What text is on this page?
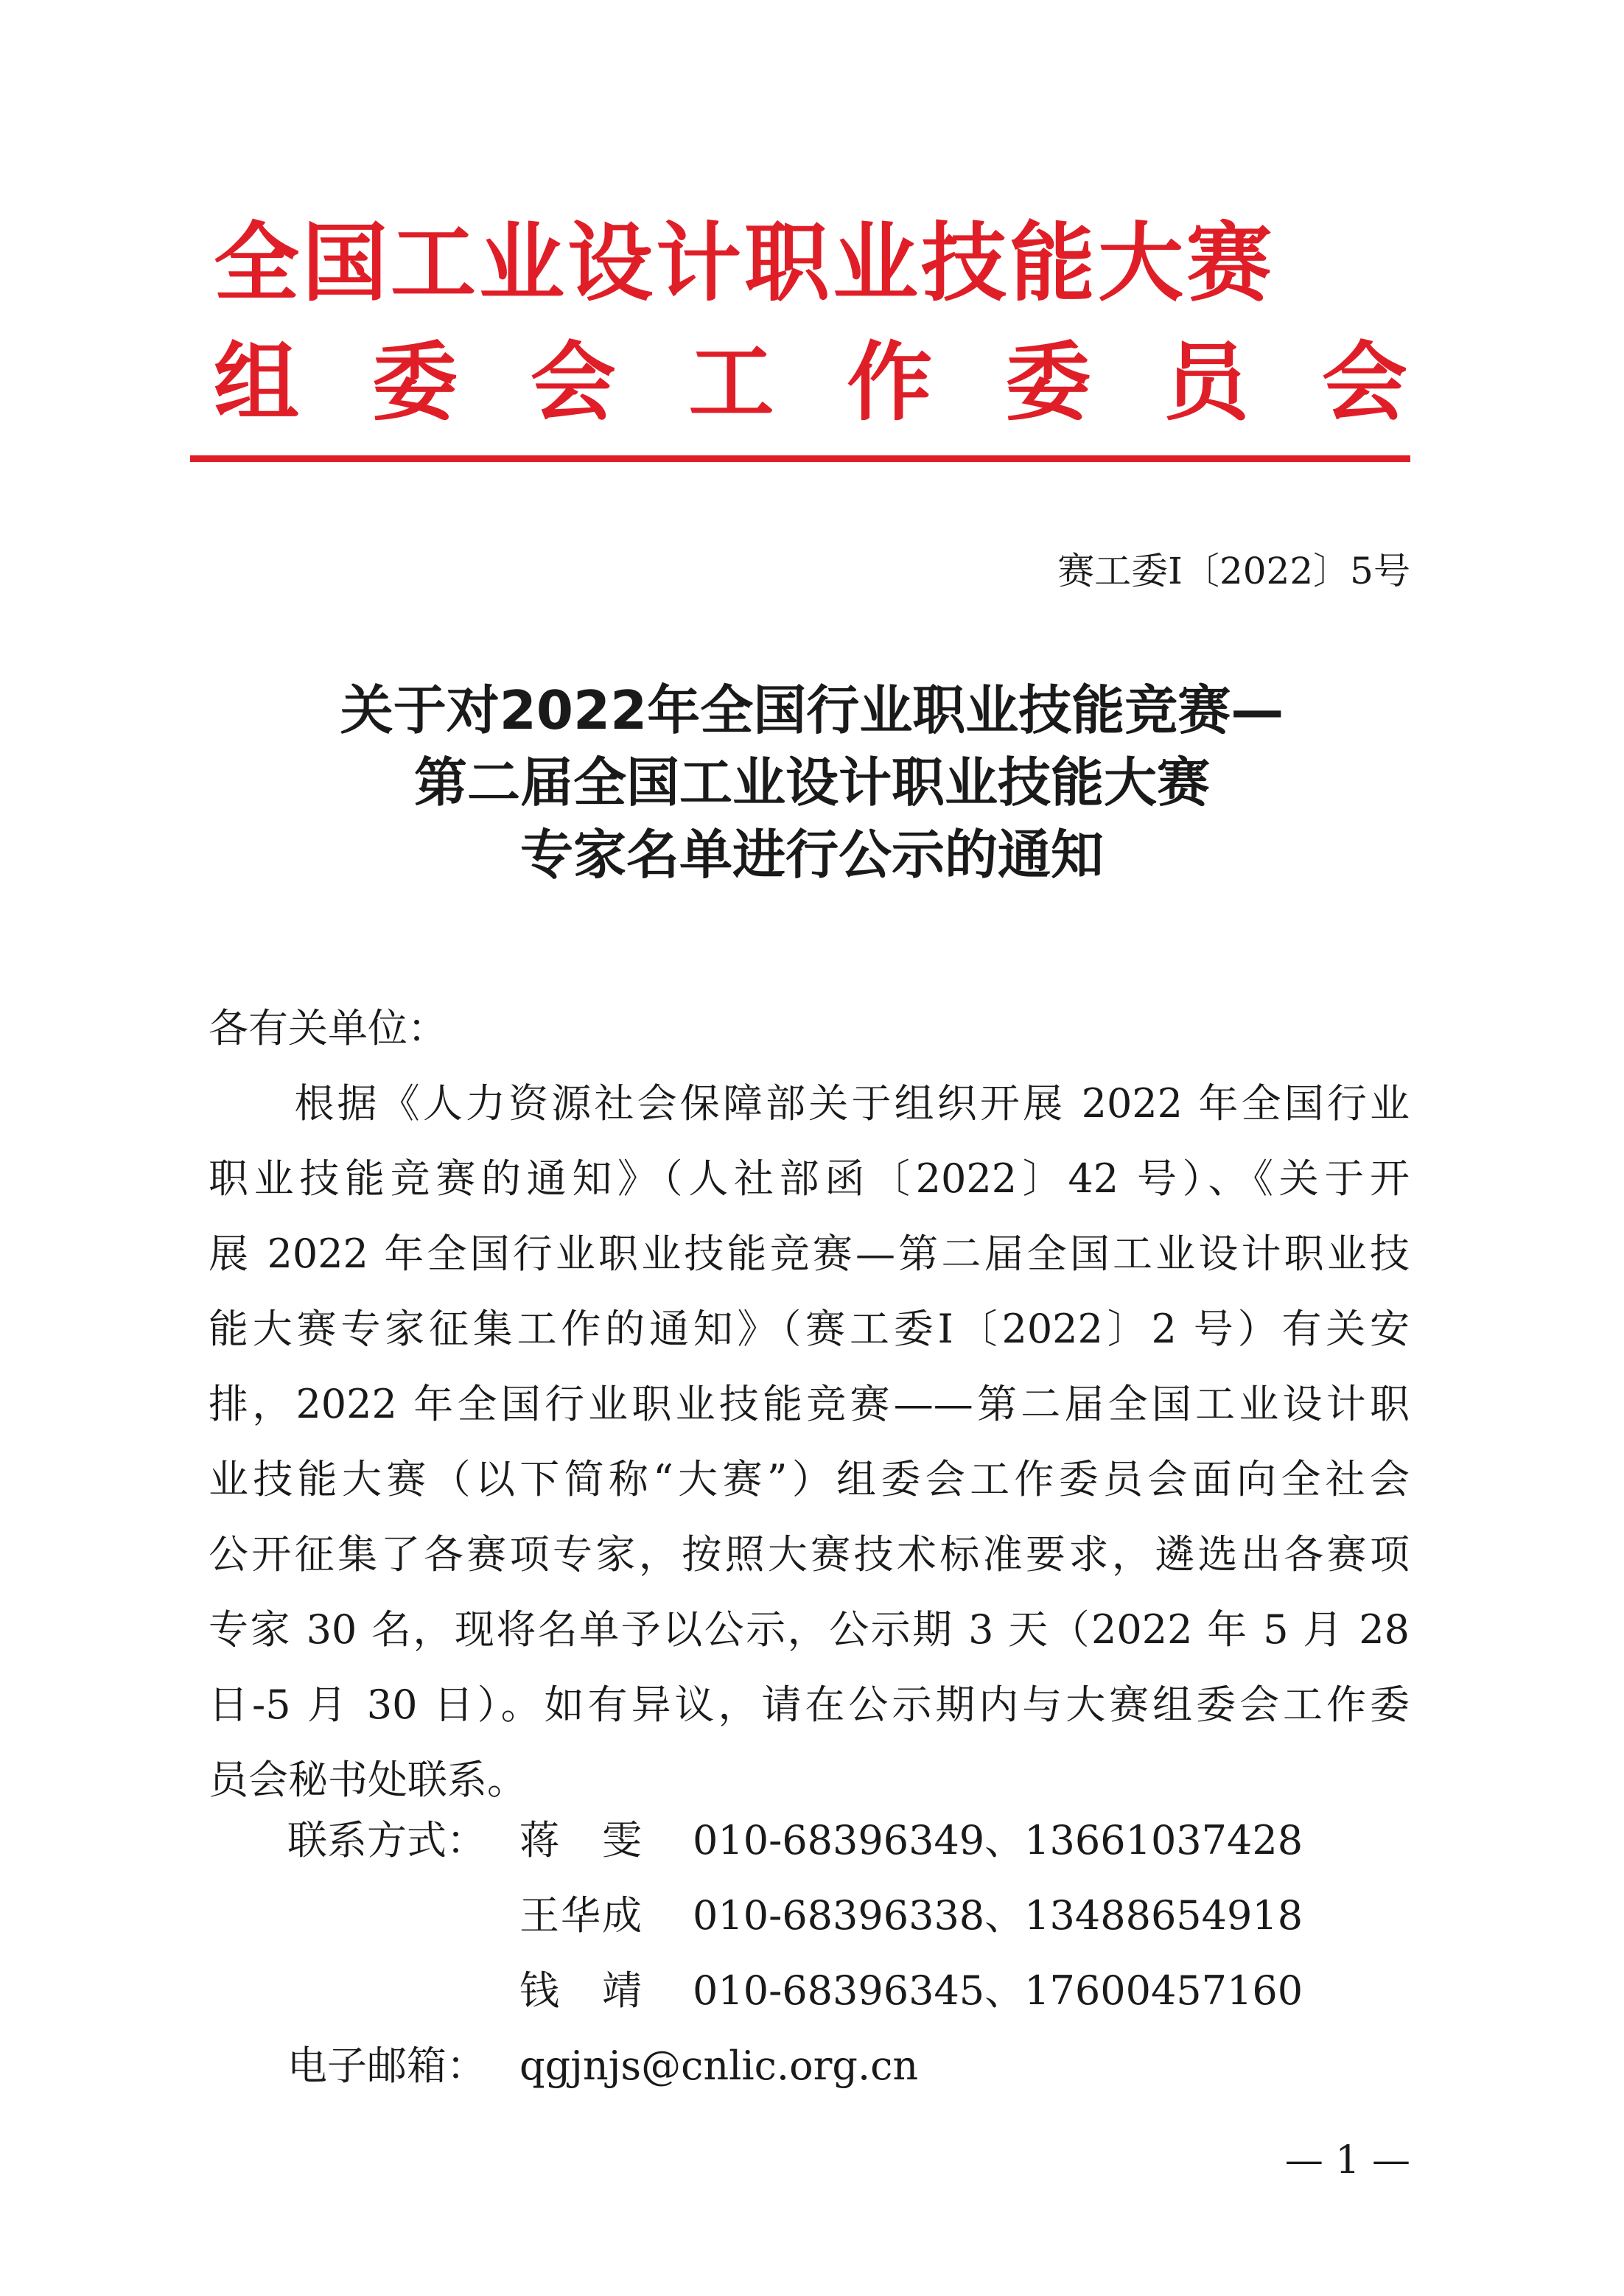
全国工业设计职业技能大赛
组 委 会 工 作 委 员 会
赛工委Ⅰ〔2022〕5号
关于对2022年全国行业职业技能竞赛—
第二届全国工业设计职业技能大赛
专家名单进行公示的通知
各有关单位：
　　根据《人力资源社会保障部关于组织开展 2022 年全国行业
职业技能竞赛的通知》（人社部函〔2022〕42 号）、《关于开
展 2022 年全国行业职业技能竞赛—第二届全国工业设计职业技
能大赛专家征集工作的通知》（赛工委Ⅰ〔2022〕2 号）有关安
排，2022 年全国行业职业技能竞赛——第二届全国工业设计职
业技能大赛（以下简称“大赛”）组委会工作委员会面向全社会
公开征集了各赛项专家，按照大赛技术标准要求，遴选出各赛项
专家 30 名，现将名单予以公示，公示期 3 天（2022 年 5 月 28
日-5 月 30 日）。如有异议，请在公示期内与大赛组委会工作委
员会秘书处联系。
联系方式： 蒋　雯	010-68396349、13661037428
王华成	010-68396338、13488654918
钱　靖	010-68396345、17600457160
电子邮箱： qgjnjs@cnlic.org.cn
— 1 —
